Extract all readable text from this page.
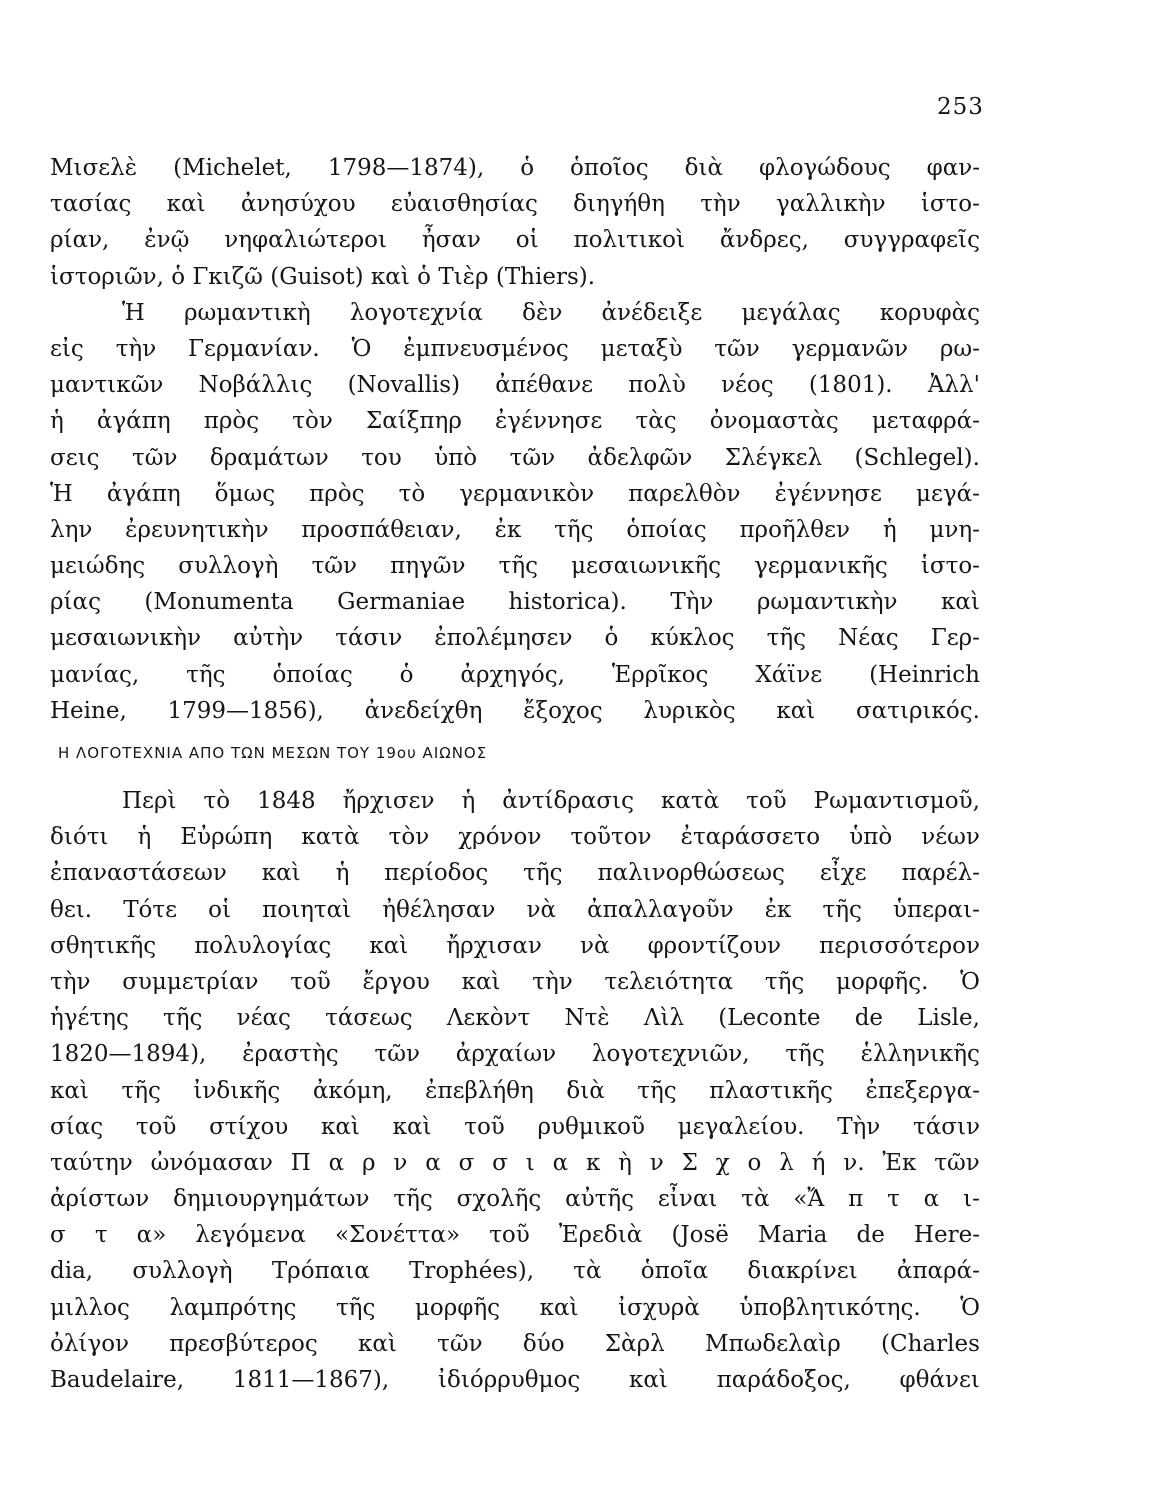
253
Μισελὲ (Michelet, 1798—1874), ὁ ὁποῖος διὰ φλογώδους φαν-
τασίας καὶ ἀνησύχου εὐαισθησίας διηγήθη τὴν γαλλικὴν ἱστο-
ρίαν, ἐνῷ νηφαλιώτεροι ἦσαν οἱ πολιτικοὶ ἄνδρες, συγγραφεῖς
ἱστοριῶν, ὁ Γκιζῶ (Guisot) καὶ ὁ Τιὲρ (Thiers).
Ἡ ρωμαντικὴ λογοτεχνία δὲν ἀνέδειξε μεγάλας κορυφὰς
εἰς τὴν Γερμανίαν. Ὁ ἐμπνευσμένος μεταξὺ τῶν γερμανῶν ρω-
μαντικῶν Νοβάλλις (Novallis) ἀπέθανε πολὺ νέος (1801). Ἀλλ'
ἡ ἀγάπη πρὸς τὸν Σαίξπηρ ἐγέννησε τὰς ὀνομαστὰς μεταφρά-
σεις τῶν δραμάτων του ὑπὸ τῶν ἀδελφῶν Σλέγκελ (Schlegel).
Ἡ ἀγάπη ὅμως πρὸς τὸ γερμανικὸν παρελθὸν ἐγέννησε μεγά-
λην ἐρευνητικὴν προσπάθειαν, ἐκ τῆς ὁποίας προῆλθεν ἡ μνη-
μειώδης συλλογὴ τῶν πηγῶν τῆς μεσαιωνικῆς γερμανικῆς ἱστο-
ρίας (Monumenta Germaniae historica). Τὴν ρωμαντικὴν καὶ
μεσαιωνικὴν αὐτὴν τάσιν ἐπολέμησεν ὁ κύκλος τῆς Νέας Γερ-
μανίας, τῆς ὁποίας ὁ ἀρχηγός, Ἑρρῖκος Χάϊνε (Heinrich
Heine, 1799—1856), ἀνεδείχθη ἔξοχος λυρικὸς καὶ σατιρικός.
Η ΛΟΓΟΤΕΧΝΙΑ ΑΠΟ ΤΩΝ ΜΕΣΩΝ ΤΟΥ 19ου ΑΙΩΝΟΣ
Περὶ τὸ 1848 ἤρχισεν ἡ ἀντίδρασις κατὰ τοῦ Ρωμαντισμοῦ,
διότι ἡ Εὐρώπη κατὰ τὸν χρόνον τοῦτον ἐταράσσετο ὑπὸ νέων
ἐπαναστάσεων καὶ ἡ περίοδος τῆς παλινορθώσεως εἶχε παρέλ-
θει. Τότε οἱ ποιηταὶ ἠθέλησαν νὰ ἀπαλλαγοῦν ἐκ τῆς ὑπεραι-
σθητικῆς πολυλογίας καὶ ἤρχισαν νὰ φροντίζουν περισσότερον
τὴν συμμετρίαν τοῦ ἔργου καὶ τὴν τελειότητα τῆς μορφῆς. Ὁ
ἡγέτης τῆς νέας τάσεως Λεκὸντ Ντὲ Λὶλ (Leconte de Lisle,
1820—1894), ἐραστὴς τῶν ἀρχαίων λογοτεχνιῶν, τῆς ἑλληνικῆς
καὶ τῆς ἰνδικῆς ἀκόμη, ἐπεβλήθη διὰ τῆς πλαστικῆς ἐπεξεργα-
σίας τοῦ στίχου καὶ καὶ τοῦ ρυθμικοῦ μεγαλείου. Τὴν τάσιν
ταύτην ὠνόμασαν Π α ρ ν α σ σ ι α κ ὴ ν Σ χ ο λ ή ν. Ἐκ τῶν
ἀρίστων δημιουργημάτων τῆς σχολῆς αὐτῆς εἶναι τὰ «Ἄ π τ α ι-
σ τ α» λεγόμενα «Σονέττα» τοῦ Ἐρεδιὰ (Josë Maria de Here-
dia, συλλογὴ Τρόπαια Trophées), τὰ ὁποῖα διακρίνει ἀπαρά-
μιλλος λαμπρότης τῆς μορφῆς καὶ ἰσχυρὰ ὑποβλητικότης. Ὁ
ὀλίγον πρεσβύτερος καὶ τῶν δύο Σὰρλ Μπωδελαὶρ (Charles
Baudelaire, 1811—1867), ἰδιόρρυθμος καὶ παράδοξος, φθάνει
